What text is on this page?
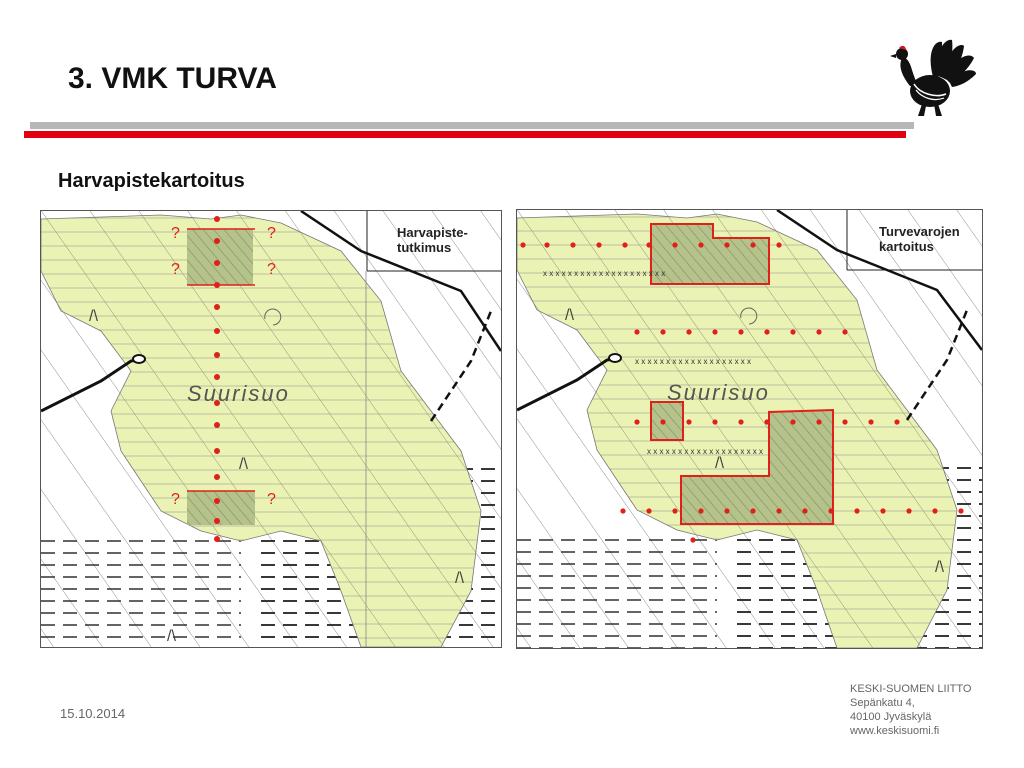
3. VMK TURVA
Harvapistekartoitus
/\
/\
/\
/\
Harvapiste-
tutkimus
Suurisuo
?	?
?	?
?	?
/\
/\
/\
x x x x x x x x x x x x x x x x x x x x
x x x x x x x x x x x x x x x x x x x
x x x x x x x x x x x x x x x x x x x
Turvevarojen
kartoitus
Suurisuo
15.10.2014
KESKI-SUOMEN LIITTO
Sepänkatu 4,
40100 Jyväskylä
www.keskisuomi.fi
